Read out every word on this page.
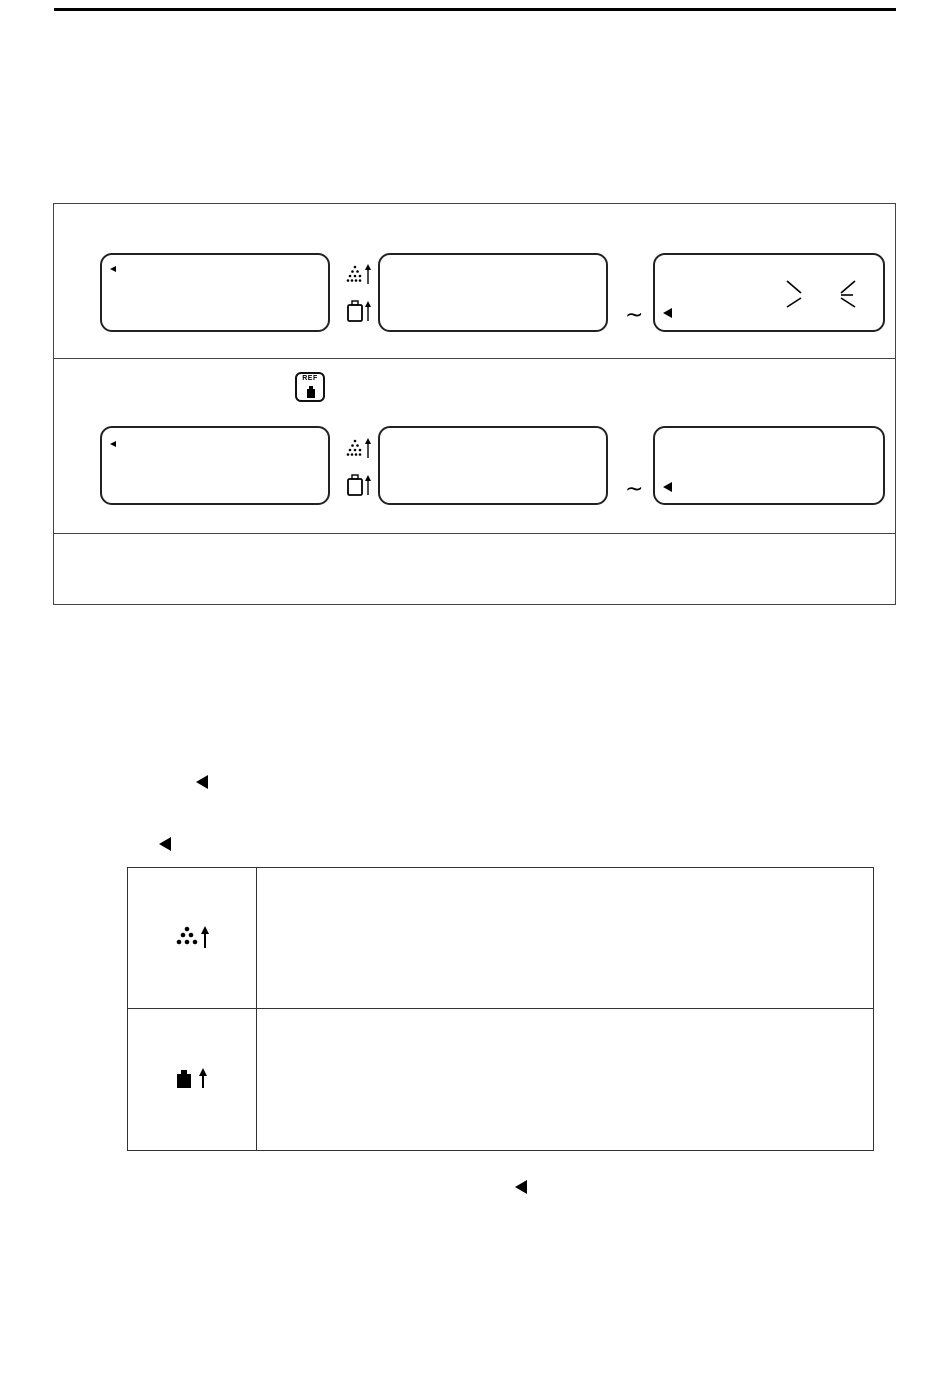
~
~
REF
